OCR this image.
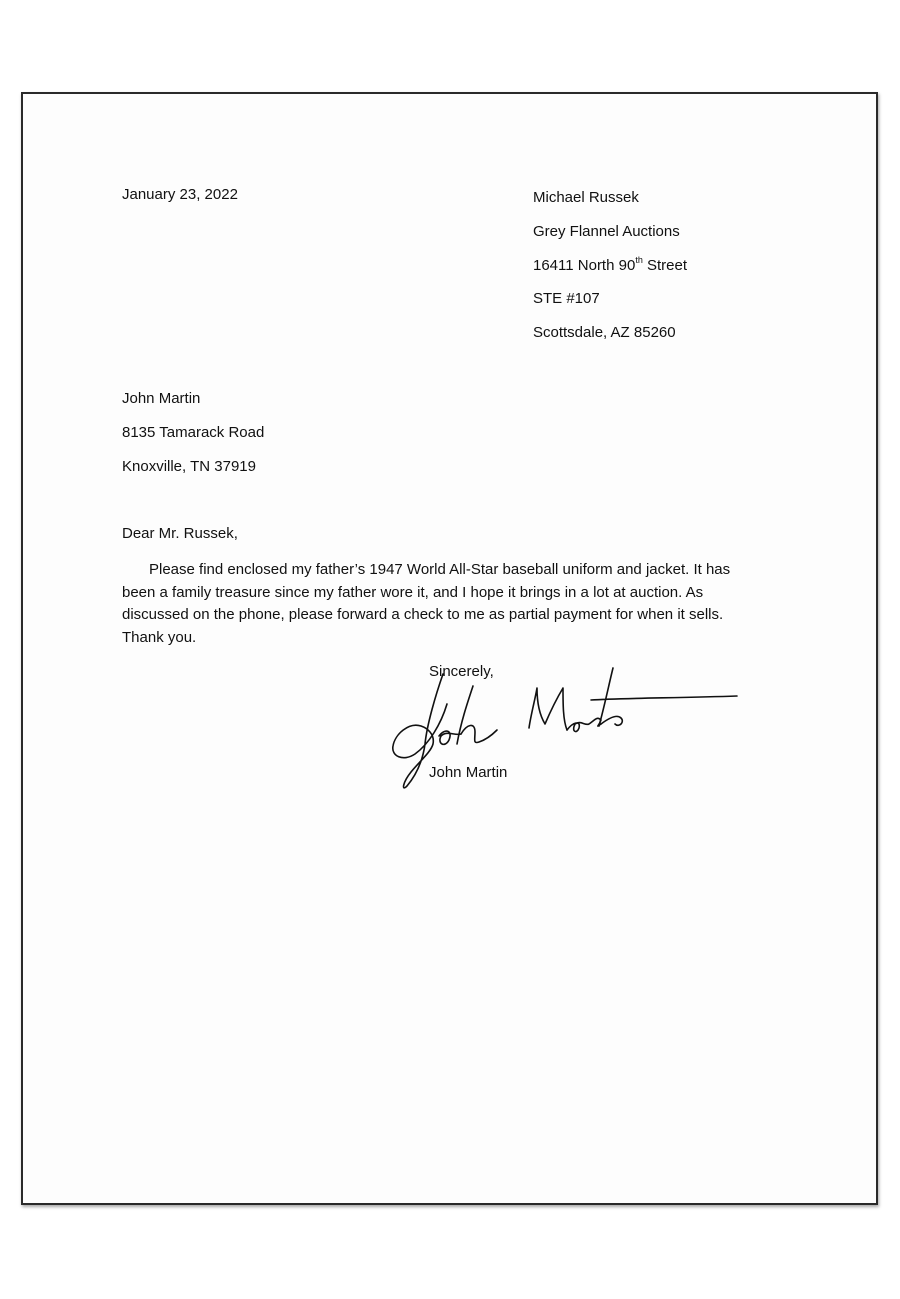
January 23, 2022	Michael Russek
Grey Flannel Auctions
16411 North 90th Street
STE #107
Scottsdale, AZ 85260
John Martin
8135 Tamarack Road
Knoxville, TN 37919
Dear Mr. Russek,
Please find enclosed my father’s 1947 World All-Star baseball uniform and jacket. It has
been a family treasure since my father wore it, and I hope it brings in a lot at auction. As
discussed on the phone, please forward a check to me as partial payment for when it sells.
Thank you.
Sincerely,
John Martin
